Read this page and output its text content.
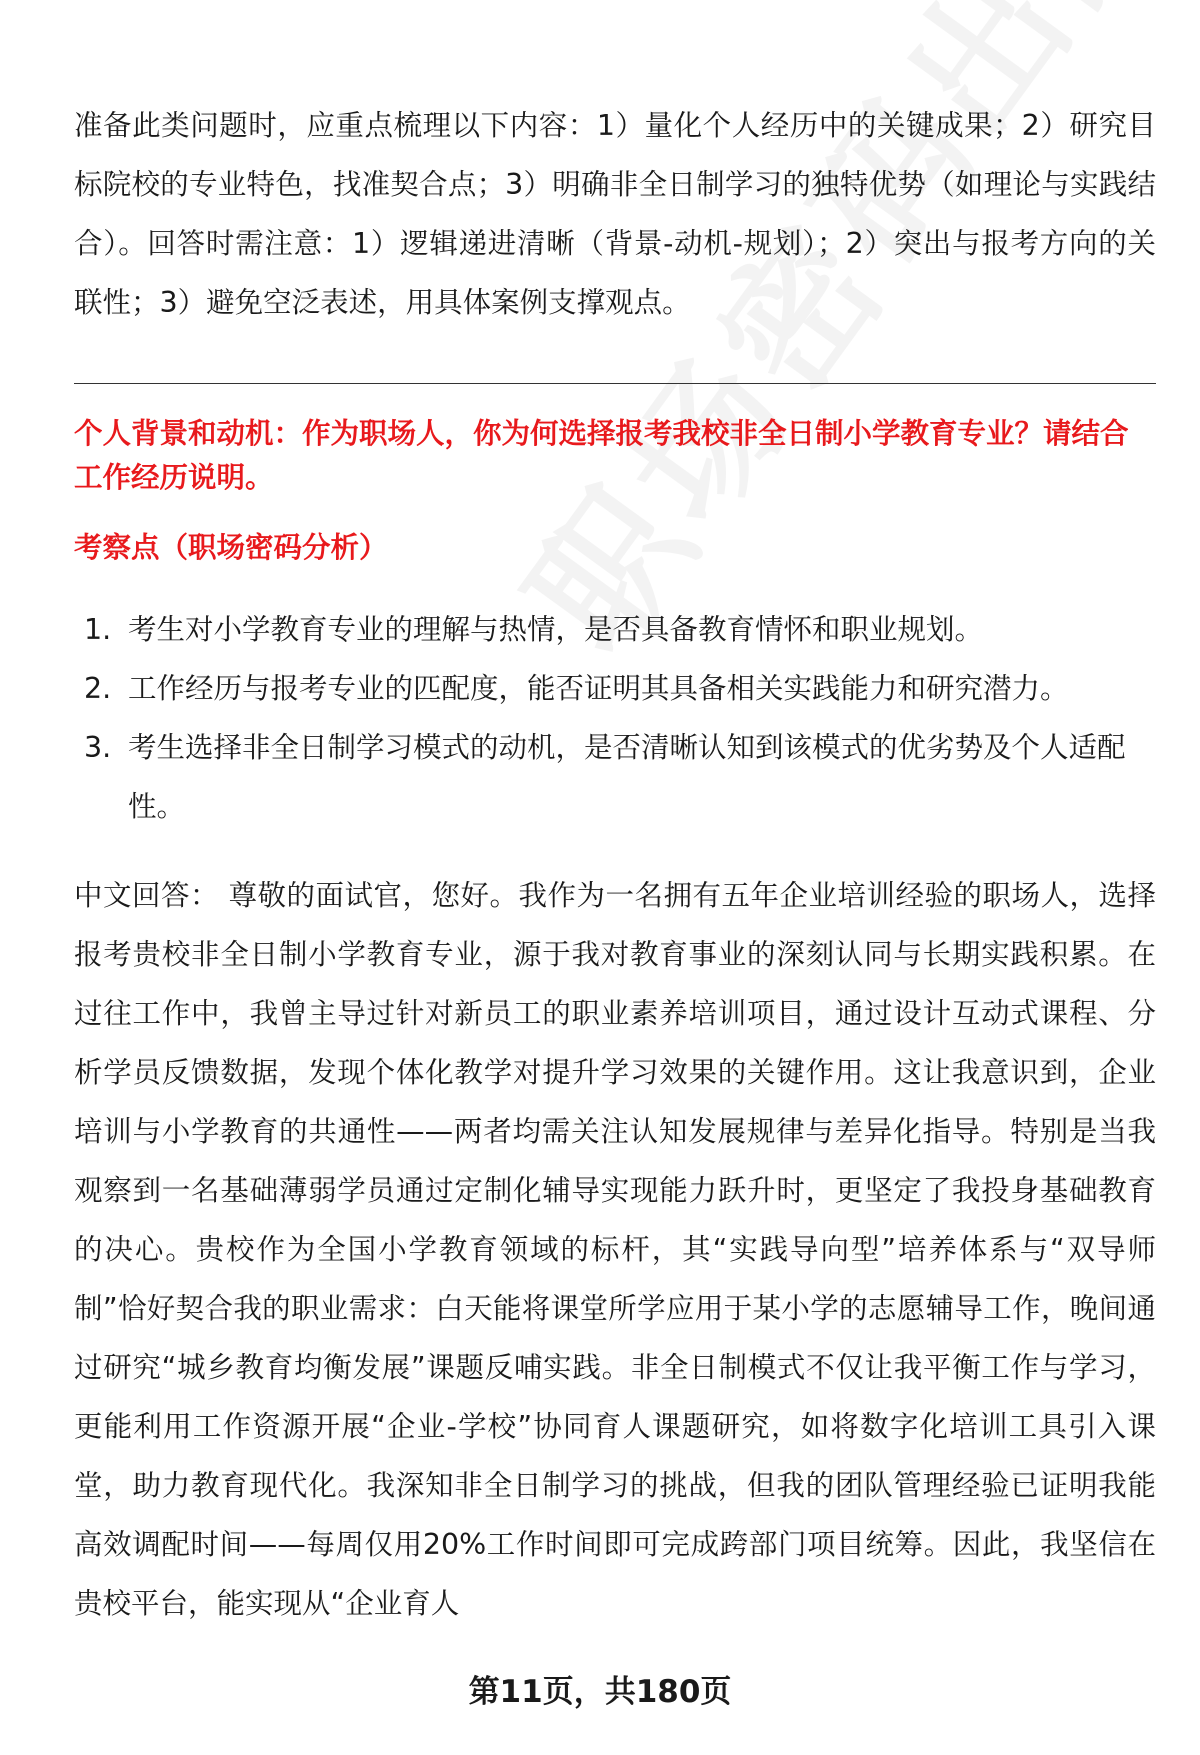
准备此类问题时，应重点梳理以下内容：1）量化个人经历中的关键成果；2）研究目标院校的专业特色，找准契合点；3）明确非全日制学习的独特优势（如理论与实践结合）。回答时需注意：1）逻辑递进清晰（背景-动机-规划）；2）突出与报考方向的关联性；3）避免空泛表述，用具体案例支撑观点。

个人背景和动机：作为职场人，你为何选择报考我校非全日制小学教育专业？请结合工作经历说明。

考察点（职场密码分析）

1. 考生对小学教育专业的理解与热情，是否具备教育情怀和职业规划。
2. 工作经历与报考专业的匹配度，能否证明其具备相关实践能力和研究潜力。
3. 考生选择非全日制学习模式的动机，是否清晰认知到该模式的优劣势及个人适配性。

中文回答： 尊敬的面试官，您好。我作为一名拥有五年企业培训经验的职场人，选择报考贵校非全日制小学教育专业，源于我对教育事业的深刻认同与长期实践积累。在过往工作中，我曾主导过针对新员工的职业素养培训项目，通过设计互动式课程、分析学员反馈数据，发现个体化教学对提升学习效果的关键作用。这让我意识到，企业培训与小学教育的共通性——两者均需关注认知发展规律与差异化指导。特别是当我观察到一名基础薄弱学员通过定制化辅导实现能力跃升时，更坚定了我投身基础教育的决心。贵校作为全国小学教育领域的标杆，其“实践导向型”培养体系与“双导师制”恰好契合我的职业需求：白天能将课堂所学应用于某小学的志愿辅导工作，晚间通过研究“城乡教育均衡发展”课题反哺实践。非全日制模式不仅让我平衡工作与学习，更能利用工作资源开展“企业-学校”协同育人课题研究，如将数字化培训工具引入课堂，助力教育现代化。我深知非全日制学习的挑战，但我的团队管理经验已证明我能高效调配时间——每周仅用20%工作时间即可完成跨部门项目统筹。因此，我坚信在贵校平台，能实现从“企业育人

第11页，共180页
